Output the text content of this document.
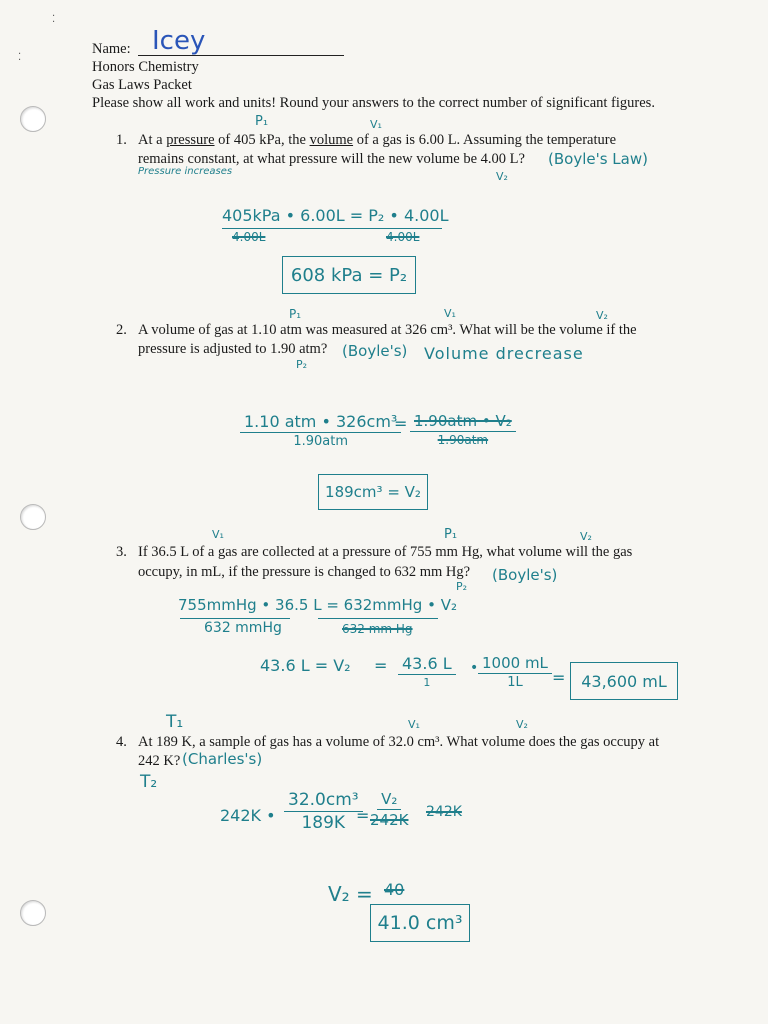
⁚
⁚
Name: Icey
Honors Chemistry
Gas Laws Packet
Please show all work and units! Round your answers to the correct number of significant figures.
P₁	V₁
1. At a pressure of 405 kPa, the volume of a gas is 6.00 L. Assuming the temperature
remains constant, at what pressure will the new volume be 4.00 L? (Boyle's Law)
Pressure increases	V₂
405kPa • 6.00L = P₂ • 4.00L
4.00L	4.00L
608 kPa = P₂
P₁	V₁	V₂
2. A volume of gas at 1.10 atm was measured at 326 cm³. What will be the volume if the
pressure is adjusted to 1.90 atm? (Boyle's) Volume drecrease
P₂
1.10 atm • 326cm³
1.90atm
= 1.90atm • V₂
1.90atm
189cm³ = V₂
V₁	P₁	V₂
3. If 36.5 L of a gas are collected at a pressure of 755 mm Hg, what volume will the gas
occupy, in mL, if the pressure is changed to 632 mm Hg?
P₂
(Boyle's)
755mmHg • 36.5 L = 632mmHg • V₂
632 mmHg	632 mm Hg
43.6 L = V₂ = 43.6 L
1
• $\frac{1000 mL}{1L} = 43,600$ mL
T₁	V₁	V₂
4. At 189 K, a sample of gas has a volume of 32.0 cm³. What volume does the gas occupy at
242 K? (Charles's)
T₂
242K • $\frac{\text{32.0cm³}}{189K}$
= $\frac{\text{V₂}}{242K} 242K$
V₂ = 40
41.0 cm³
